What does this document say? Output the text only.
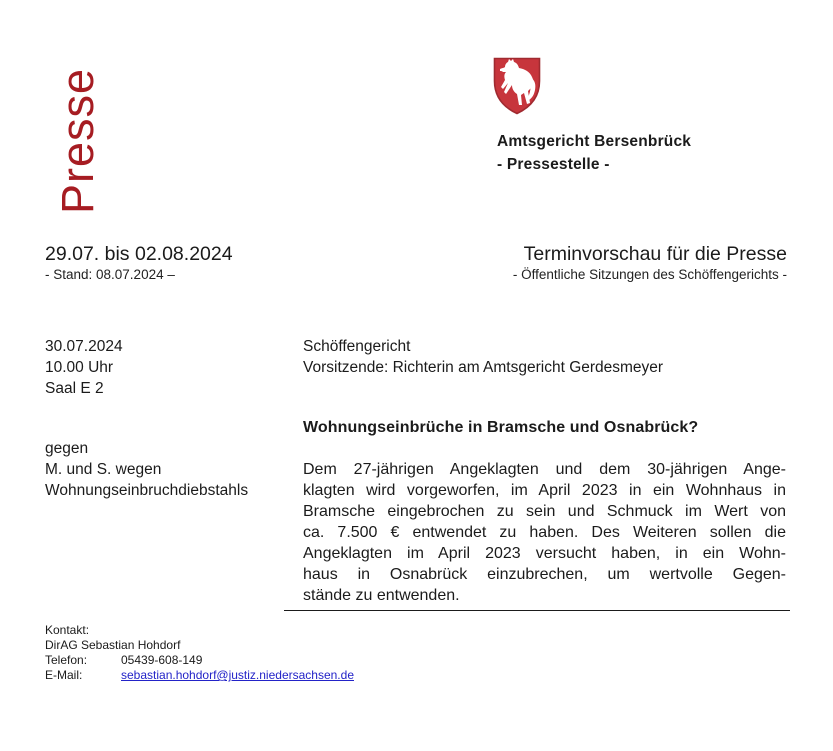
Presse	Amtsgericht Bersenbrück
- Pressestelle -
29.07. bis 02.08.2024
- Stand: 08.07.2024 –
Terminvorschau für die Presse
- Öffentliche Sitzungen des Schöffengerichts -
30.07.2024
10.00 Uhr
Saal E 2
Schöffengericht
Vorsitzende: Richterin am Amtsgericht Gerdesmeyer
gegen
M. und S. wegen
Wohnungseinbruchdiebstahls
Wohnungseinbrüche in Bramsche und Osnabrück?
Dem 27-jährigen Angeklagten und dem 30-jährigen Ange-
klagten wird vorgeworfen, im April 2023 in ein Wohnhaus in
Bramsche eingebrochen zu sein und Schmuck im Wert von
ca. 7.500 € entwendet zu haben. Des Weiteren sollen die
Angeklagten im April 2023 versucht haben, in ein Wohn-
haus in Osnabrück einzubrechen, um wertvolle Gegen-
stände zu entwenden.
Kontakt:
DirAG Sebastian Hohdorf
Telefon:	05439-608-149
E-Mail:	sebastian.hohdorf@justiz.niedersachsen.de
